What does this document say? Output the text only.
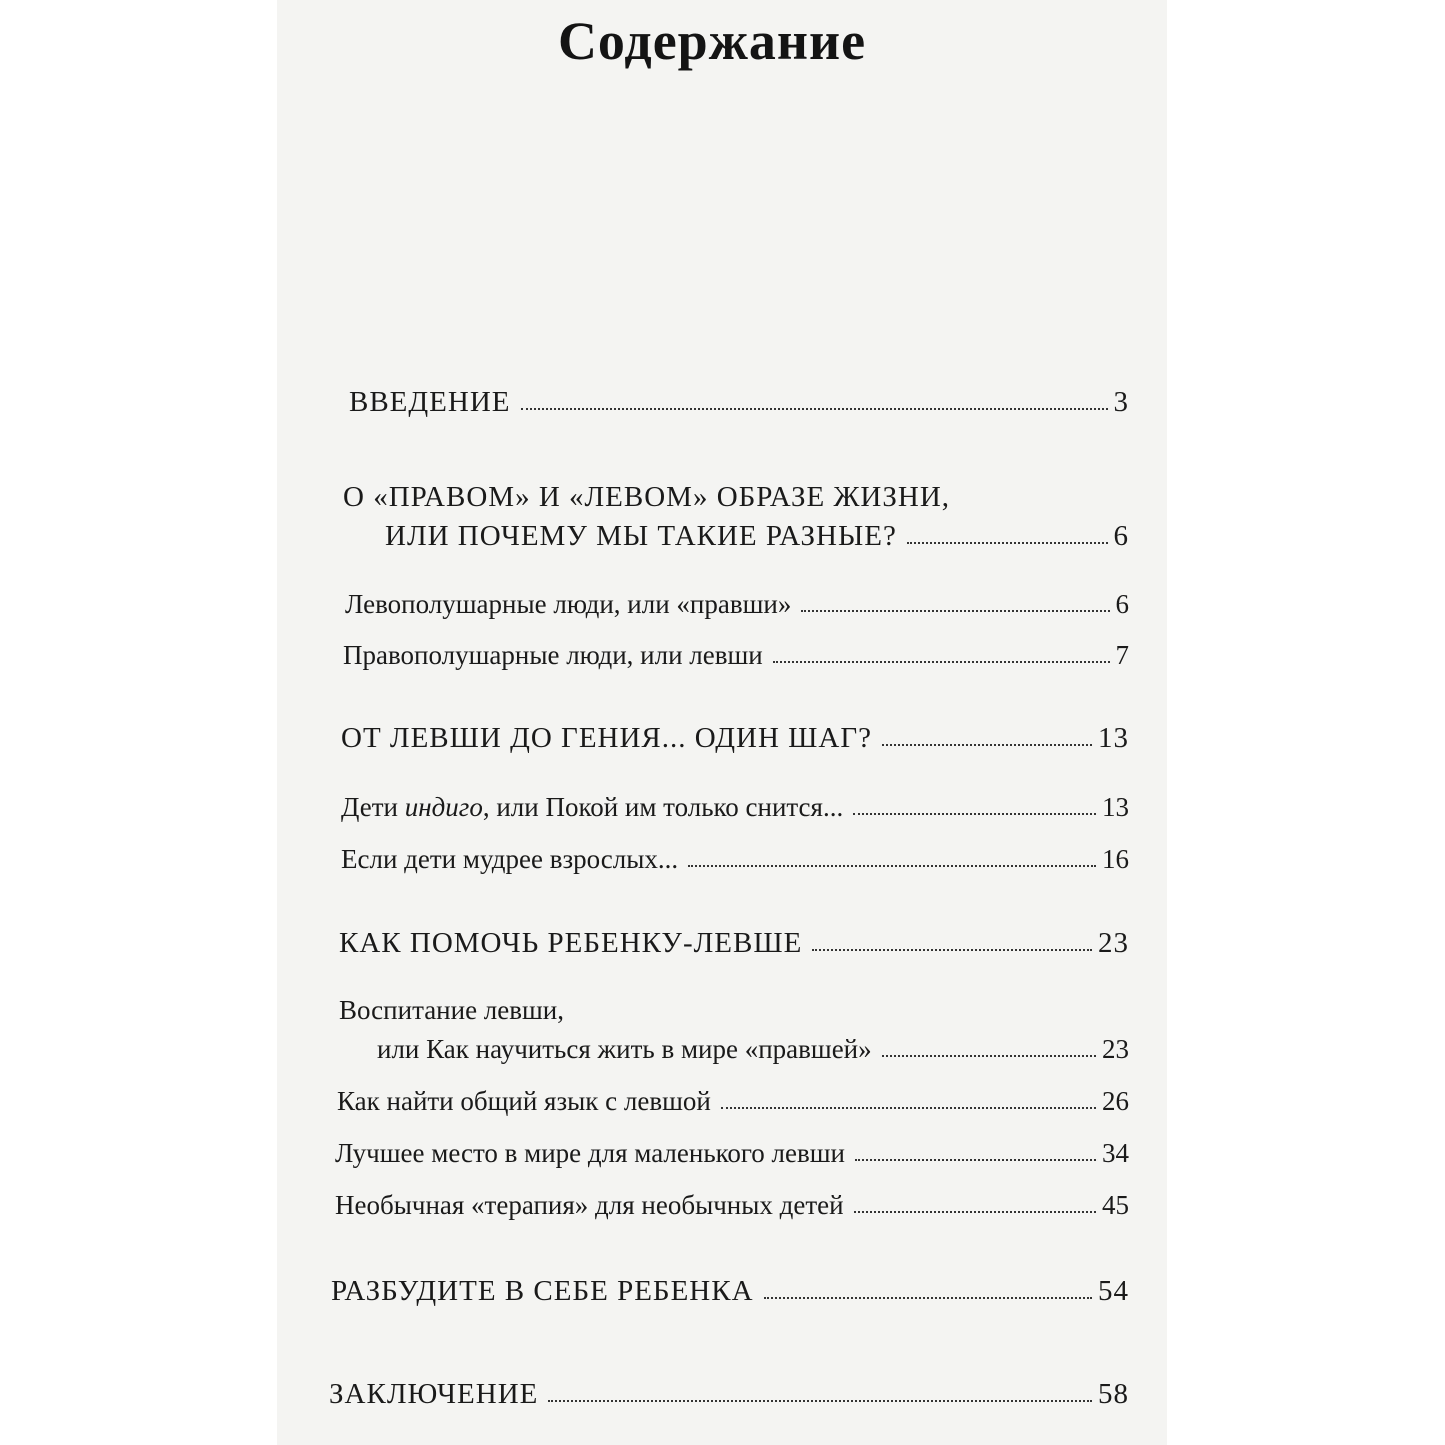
Содержание
ВВЕДЕНИЕ	3
О «ПРАВОМ» И «ЛЕВОМ» ОБРАЗЕ ЖИЗНИ,
ИЛИ ПОЧЕМУ МЫ ТАКИЕ РАЗНЫЕ?	6
Левополушарные люди, или «правши»	6
Правополушарные люди, или левши	7
ОТ ЛЕВШИ ДО ГЕНИЯ... ОДИН ШАГ?	13
Дети индиго, или Покой им только снится...	13
Если дети мудрее взрослых...	16
КАК ПОМОЧЬ РЕБЕНКУ-ЛЕВШЕ	23
Воспитание левши,
или Как научиться жить в мире «правшей»	23
Как найти общий язык с левшой	26
Лучшее место в мире для маленького левши	34
Необычная «терапия» для необычных детей	45
РАЗБУДИТЕ В СЕБЕ РЕБЕНКА	54
ЗАКЛЮЧЕНИЕ	58
